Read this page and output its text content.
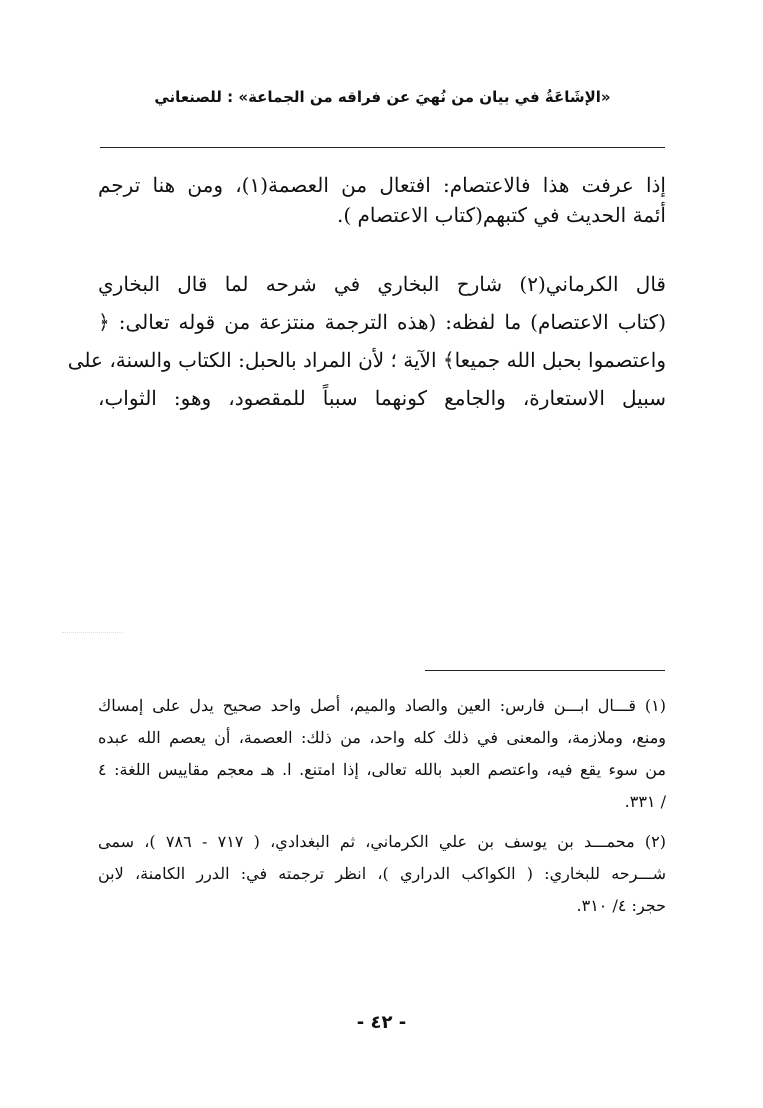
«الإشَاعَةُ في بيان من نُهيَ عن فراقه من الجماعة» : للصنعاني
إذا عرفت هذا فالاعتصام: افتعال من العصمة(١)، ومن هنا ترجم
أئمة الحديث في كتبهم(كتاب الاعتصام ).
قال الكرماني(٢) شارح البخاري في شرحه لما قال البخاري
(كتاب الاعتصام) ما لفظه: (هذه الترجمة منتزعة من قوله تعالى: ﴿
واعتصموا بحبل الله جميعا﴾ الآية ؛ لأن المراد بالحبل: الكتاب والسنة، على
سبيل الاستعارة، والجامع كونهما سبباً للمقصود، وهو: الثواب،
(١) قـــال ابـــن فارس: العين والصاد والميم، أصل واحد صحيح يدل على إمساك
ومنع، وملازمة، والمعنى في ذلك كله واحد، من ذلك: العصمة، أن يعصم الله عبده
من سوء يقع فيه، واعتصم العبد بالله تعالى، إذا امتنع. ا. هـ معجم مقاييس اللغة: ٤
/ ٣٣١.
(٢) محمـــد بن يوسف بن علي الكرماني، ثم البغدادي، ( ٧١٧ - ٧٨٦ )، سمى
شـــرحه للبخاري: ( الكواكب الدراري )، انظر ترجمته في: الدرر الكامنة، لابن
حجر: ٤/ ٣١٠.
- ٤٢ -
